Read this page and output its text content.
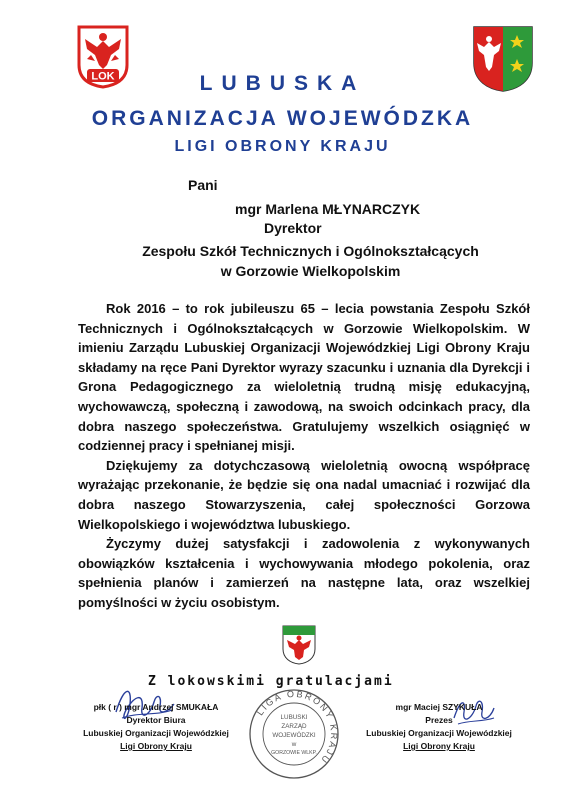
LOK	LUBUSKA
ORGANIZACJA WOJEWÓDZKA
LIGI OBRONY KRAJU
Pani
mgr Marlena MŁYNARCZYK
Dyrektor
Zespołu Szkół Technicznych i Ogólnokształcących
w Gorzowie Wielkopolskim

Rok 2016 – to rok jubileuszu 65 – lecia powstania Zespołu Szkół Technicznych i Ogólnokształcących w Gorzowie Wielkopolskim. W imieniu Zarządu Lubuskiej Organizacji Wojewódzkiej Ligi Obrony Kraju składamy na ręce Pani Dyrektor wyrazy szacunku i uznania dla Dyrekcji i Grona Pedagogicznego za wieloletnią trudną misję edukacyjną, wychowawczą, społeczną i zawodową, na swoich odcinkach pracy, dla dobra naszego społeczeństwa. Gratulujemy wszelkich osiągnięć w codziennej pracy i spełnianej misji.

Dziękujemy za dotychczasową wieloletnią owocną współpracę wyrażając przekonanie, że będzie się ona nadal umacniać i rozwijać dla dobra naszego Stowarzyszenia, całej społeczności Gorzowa Wielkopolskiego i województwa lubuskiego.

Życzymy dużej satysfakcji i zadowolenia z wykonywanych obowiązków kształcenia i wychowywania młodego pokolenia, oraz spełnienia planów i zamierzeń na następne lata, oraz wszelkiej pomyślności w życiu osobistym.

Z lokowskimi gratulacjami
płk ( r ) mgr Andrzej SMUKAŁA
Dyrektor Biura
Lubuskiej Organizacji Wojewódzkiej
Ligi Obrony Kraju
mgr Maciej SZYKUŁA
Prezes
Lubuskiej Organizacji Wojewódzkiej
Ligi Obrony Kraju
LIGA OBRONY KRAJU
LUBUSKI
ZARZĄD
WOJEWÓDZKI
w
GORZOWIE WLKP.
